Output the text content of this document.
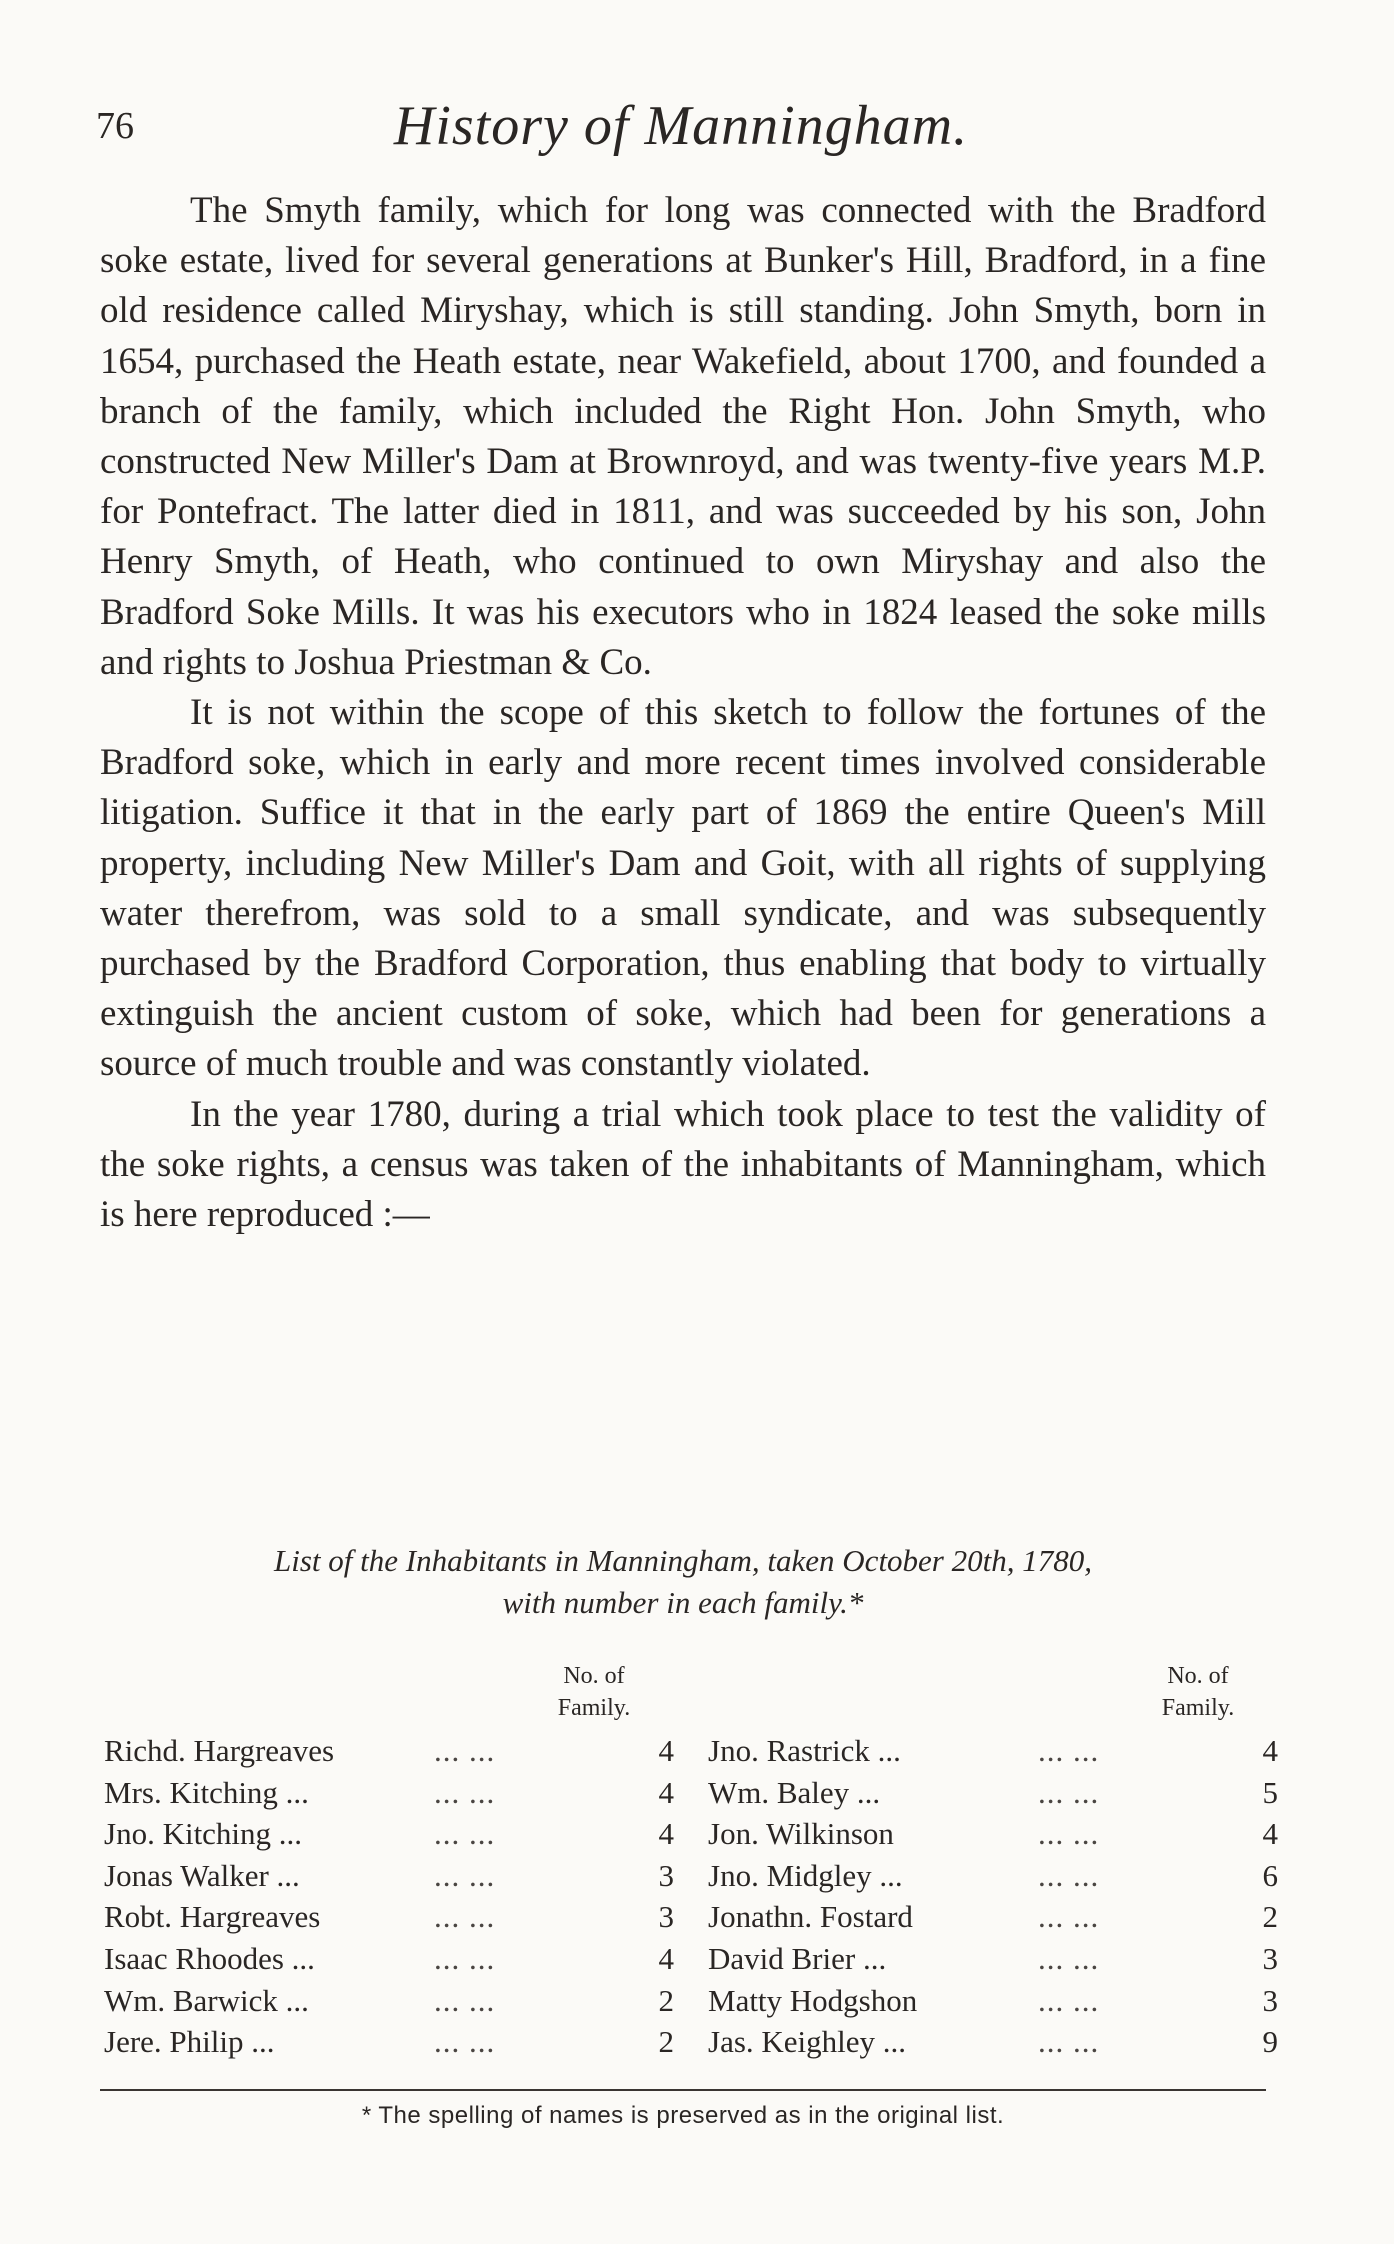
76	History of Manningham.

The Smyth family, which for long was connected with the Bradford soke estate, lived for several generations at Bunker's Hill, Bradford, in a fine old residence called Miryshay, which is still standing. John Smyth, born in 1654, purchased the Heath estate, near Wakefield, about 1700, and founded a branch of the family, which included the Right Hon. John Smyth, who constructed New Miller's Dam at Brownroyd, and was twenty-five years M.P. for Pontefract. The latter died in 1811, and was succeeded by his son, John Henry Smyth, of Heath, who continued to own Miryshay and also the Bradford Soke Mills. It was his executors who in 1824 leased the soke mills and rights to Joshua Priestman & Co.

It is not within the scope of this sketch to follow the fortunes of the Bradford soke, which in early and more recent times involved considerable litigation. Suffice it that in the early part of 1869 the entire Queen's Mill property, including New Miller's Dam and Goit, with all rights of supplying water therefrom, was sold to a small syndicate, and was subsequently purchased by the Bradford Corporation, thus enabling that body to virtually extinguish the ancient custom of soke, which had been for generations a source of much trouble and was constantly violated.

In the year 1780, during a trial which took place to test the validity of the soke rights, a census was taken of the inhabitants of Manningham, which is here reproduced :—

List of the Inhabitants in Manningham, taken October 20th, 1780,
with number in each family.*
No. of
Family.
Richd. Hargreaves	... ...	4
Mrs. Kitching ...	... ...	4
Jno. Kitching ...	... ...	4
Jonas Walker ...	... ...	3
Robt. Hargreaves	... ...	3
Isaac Rhoodes ...	... ...	4
Wm. Barwick ...	... ...	2
Jere. Philip ...	... ...	2
No. of
Family.
Jno. Rastrick ...	... ...	4
Wm. Baley ...	... ...	5
Jon. Wilkinson	... ...	4
Jno. Midgley ...	... ...	6
Jonathn. Fostard	... ...	2
David Brier ...	... ...	3
Matty Hodgshon	... ...	3
Jas. Keighley ...	... ...	9
* The spelling of names is preserved as in the original list.
